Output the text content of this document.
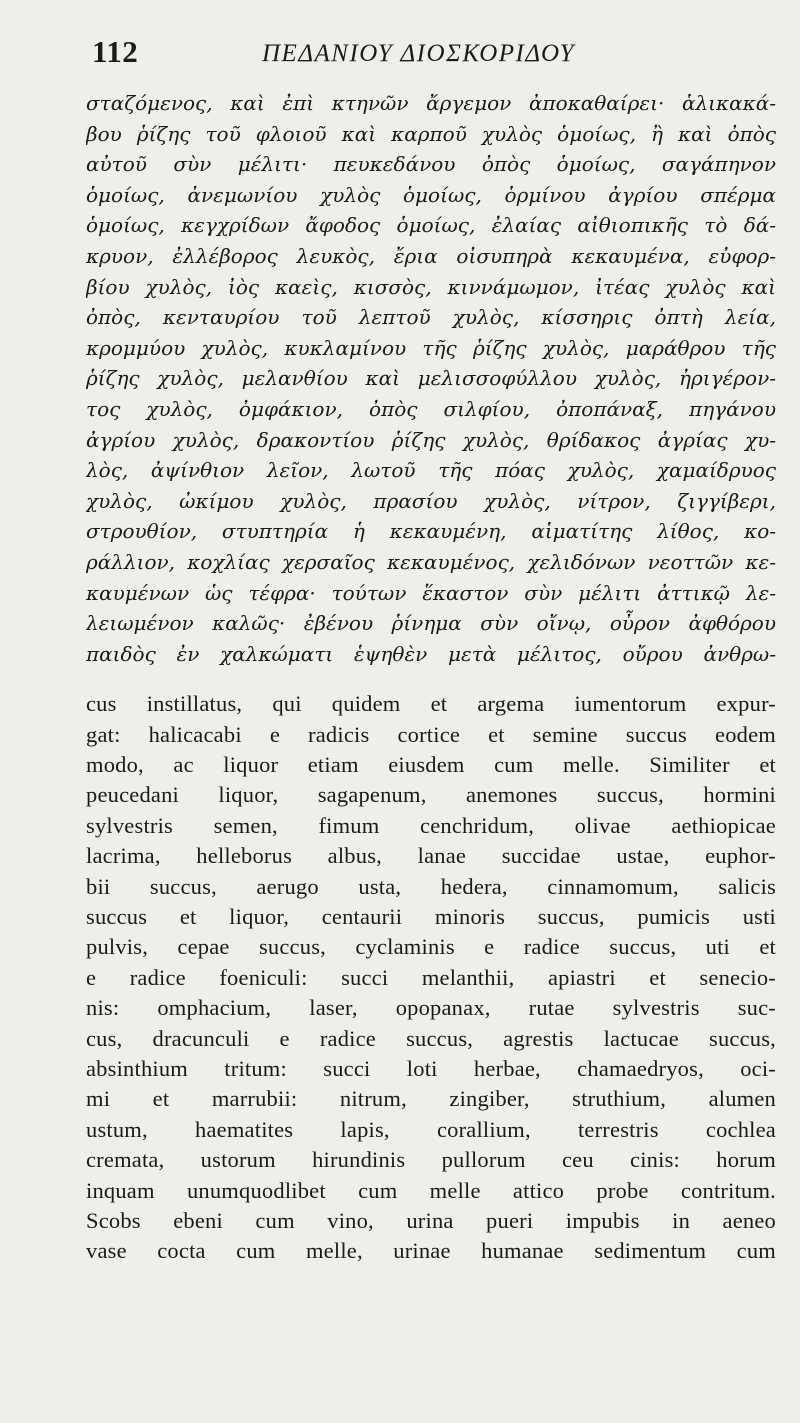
112	ΠΕΔΑΝΙΟΥ ΔΙΟΣΚΟΡΙΔΟΥ
σταζόμενος, καὶ ἐπὶ κτηνῶν ἄργεμον ἀποκαθαίρει· ἁλικακά-
βου ῥίζης τοῦ φλοιοῦ καὶ καρποῦ χυλὸς ὁμοίως, ἢ καὶ ὀπὸς
αὐτοῦ σὺν μέλιτι· πευκεδάνου ὀπὸς ὁμοίως, σαγάπηνον
ὁμοίως, ἀνεμωνίου χυλὸς ὁμοίως, ὁρμίνου ἀγρίου σπέρμα
ὁμοίως, κεγχρίδων ἄφοδος ὁμοίως, ἐλαίας αἰθιοπικῆς τὸ δά-
κρυον, ἐλλέβορος λευκὸς, ἔρια οἰσυπηρὰ κεκαυμένα, εὐφορ-
βίου χυλὸς, ἰὸς καεὶς, κισσὸς, κιννάμωμον, ἰτέας χυλὸς καὶ
ὀπὸς, κενταυρίου τοῦ λεπτοῦ χυλὸς, κίσσηρις ὀπτὴ λεία,
κρομμύου χυλὸς, κυκλαμίνου τῆς ῥίζης χυλὸς, μαράθρου τῆς
ῥίζης χυλὸς, μελανθίου καὶ μελισσοφύλλου χυλὸς, ἠριγέρον-
τος χυλὸς, ὀμφάκιον, ὀπὸς σιλφίου, ὀποπάναξ, πηγάνου
ἀγρίου χυλὸς, δρακοντίου ῥίζης χυλὸς, θρίδακος ἀγρίας χυ-
λὸς, ἀψίνθιον λεῖον, λωτοῦ τῆς πόας χυλὸς, χαμαίδρυος
χυλὸς, ὠκίμου χυλὸς, πρασίου χυλὸς, νίτρον, ζιγγίβερι,
στρουθίον, στυπτηρία ἡ κεκαυμένη, αἱματίτης λίθος, κο-
ράλλιον, κοχλίας χερσαῖος κεκαυμένος, χελιδόνων νεοττῶν κε-
καυμένων ὡς τέφρα· τούτων ἕκαστον σὺν μέλιτι ἀττικῷ λε-
λειωμένον καλῶς· ἐβένου ῥίνημα σὺν οἴνῳ, οὖρον ἀφθόρου
παιδὸς ἐν χαλκώματι ἑψηθὲν μετὰ μέλιτος, οὔρου ἀνθρω-
cus instillatus, qui quidem et argema iumentorum expur-
gat: halicacabi e radicis cortice et semine succus eodem
modo, ac liquor etiam eiusdem cum melle. Similiter et
peucedani liquor, sagapenum, anemones succus, hormini
sylvestris semen, fimum cenchridum, olivae aethiopicae
lacrima, helleborus albus, lanae succidae ustae, euphor-
bii succus, aerugo usta, hedera, cinnamomum, salicis
succus et liquor, centaurii minoris succus, pumicis usti
pulvis, cepae succus, cyclaminis e radice succus, uti et
e radice foeniculi: succi melanthii, apiastri et senecio-
nis: omphacium, laser, opopanax, rutae sylvestris suc-
cus, dracunculi e radice succus, agrestis lactucae succus,
absinthium tritum: succi loti herbae, chamaedryos, oci-
mi et marrubii: nitrum, zingiber, struthium, alumen
ustum, haematites lapis, corallium, terrestris cochlea
cremata, ustorum hirundinis pullorum ceu cinis: horum
inquam unumquodlibet cum melle attico probe contritum.
Scobs ebeni cum vino, urina pueri impubis in aeneo
vase cocta cum melle, urinae humanae sedimentum cum
